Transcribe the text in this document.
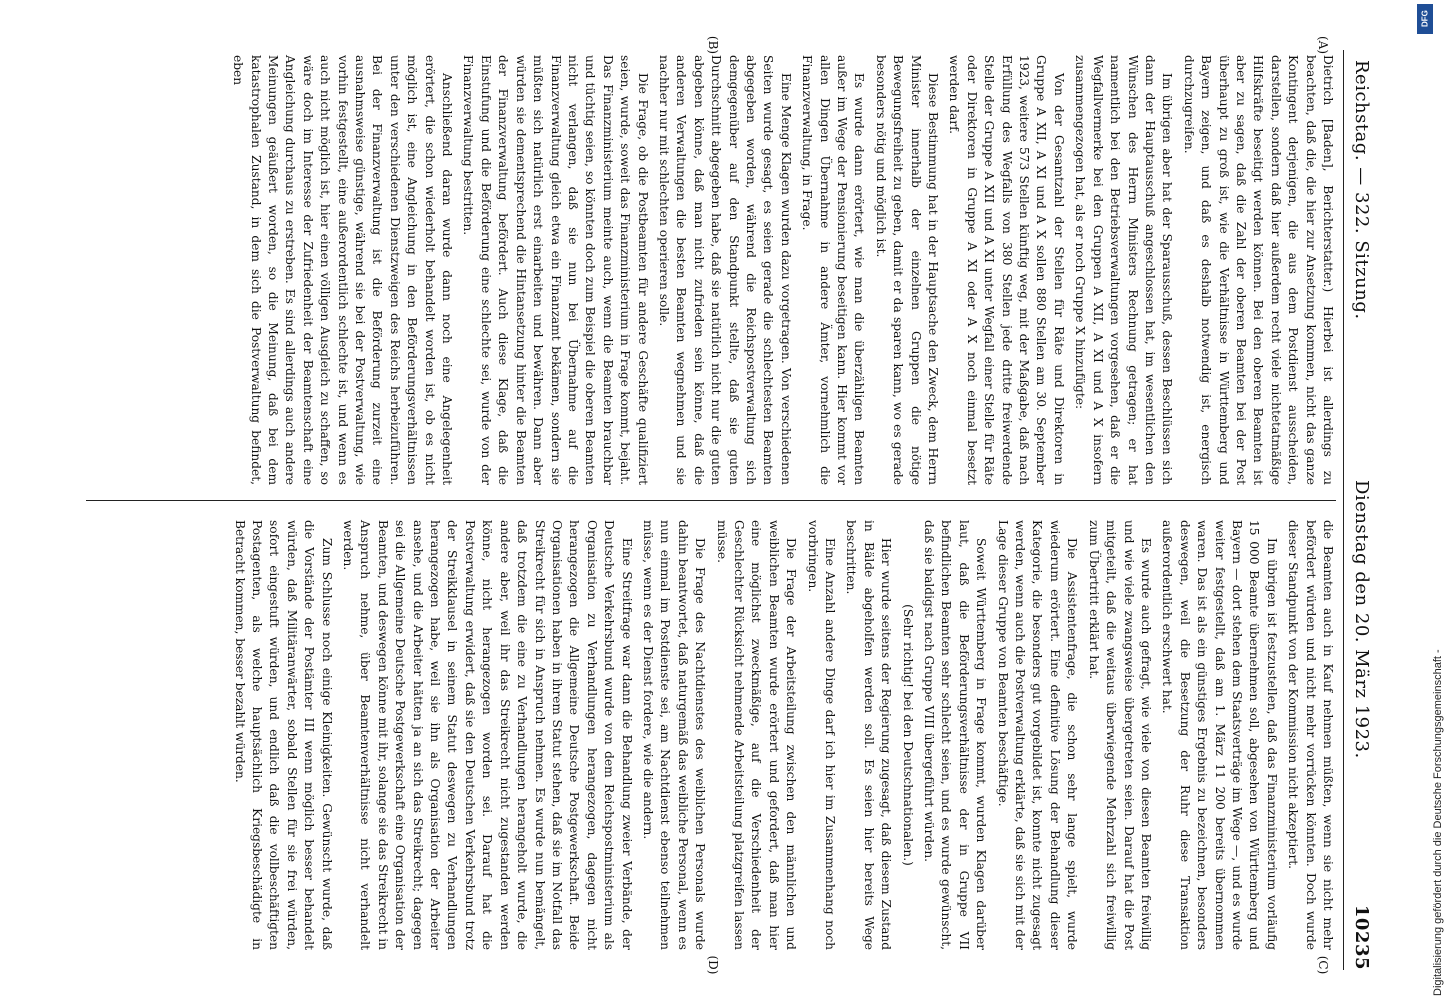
Reichstag. — 322. Sitzung.
Dienstag den 20. März 1923.
10235
(A)
(B)
(C)
(D)

Dietrich [Baden], Berichterstatter.) Hierbei ist allerdings zu beachten, daß die, die hier zur Ansetzung kommen, nicht das ganze Kontingent derjenigen, die aus dem Postdienst ausscheiden, darstellen, sondern daß hier außerdem recht viele nichtetatmäßige Hilfskräfte beseitigt werden können. Bei den oberen Beamten ist aber zu sagen, daß die Zahl der oberen Beamten bei der Post überhaupt zu groß ist, wie die Verhältnisse in Württemberg und Bayern zeigen, und daß es deshalb notwendig ist, energisch durchzugreifen.

Im übrigen aber hat der Sparausschuß, dessen Beschlüssen sich dann der Hauptausschuß angeschlossen hat, im wesentlichen den Wünschen des Herrn Ministers Rechnung getragen; er hat namentlich bei den Betriebsverwaltungen vorgesehen, daß er die Wegfallvermerke bei den Gruppen A XII, A XI und A X insofern zusammengezogen hat, als er noch Gruppe X hinzufügte:

Von der Gesamtzahl der Stellen für Räte und Direktoren in Gruppe A XII, A XI und A X sollen 880 Stellen am 30. September 1923, weitere 573 Stellen künftig weg, mit der Maßgabe, daß nach Erfüllung des Wegfalls von 380 Stellen jede dritte freiwerdende Stelle der Gruppe A XII und A XI unter Wegfall einer Stelle für Räte oder Direktoren in Gruppe A XI oder A X noch einmal besetzt werden darf.

Diese Bestimmung hat in der Hauptsache den Zweck, dem Herrn Minister innerhalb der einzelnen Gruppen die nötige Bewegungsfreiheit zu geben, damit er da sparen kann, wo es gerade besonders nötig und möglich ist.

Es wurde dann erörtert, wie man die überzähligen Beamten außer im Wege der Pensionierung beseitigen kann. Hier kommt vor allen Dingen Übernahme in andere Ämter, vornehmlich die Finanzverwaltung, in Frage.

Eine Menge Klagen wurden dazu vorgetragen. Von verschiedenen Seiten wurde gesagt, es seien gerade die schlechtesten Beamten abgegeben worden, während die Reichspostverwaltung sich demgegenüber auf den Standpunkt stellte, daß sie guten Durchschnitt abgegeben habe, daß sie natürlich nicht nur die guten abgeben könne, daß man nicht zufrieden sein könne, daß die anderen Verwaltungen die besten Beamten wegnehmen und sie nachher nur mit schlechten operieren solle.

Die Frage, ob die Postbeamten für andere Geschäfte qualifiziert seien, wurde, soweit das Finanzministerium in Frage kommt, bejaht. Das Finanzministerium meinte auch, wenn die Beamten brauchbar und tüchtig seien, so könnten doch zum Beispiel die oberen Beamten nicht verlangen, daß sie nun bei Übernahme auf die Finanzverwaltung gleich etwa ein Finanzamt bekämen, sondern sie müßten sich natürlich erst einarbeiten und bewähren. Dann aber würden sie dementsprechend die Hintansetzung hinter die Beamten der Finanzverwaltung befördert. Auch diese Klage, daß die Einstufung und die Beförderung eine schlechte sei, wurde von der Finanzverwaltung bestritten.

Anschließend daran wurde dann noch eine Angelegenheit erörtert, die schon wiederholt behandelt worden ist, ob es nicht möglich ist, eine Angleichung in den Beförderungsverhältnissen unter den verschiedenen Dienstzweigen des Reichs herbeizuführen. Bei der Finanzverwaltung ist die Beförderung zurzeit eine ausnahmsweise günstige, während sie bei der Postverwaltung, wie vorhin festgestellt, eine außerordentlich schlechte ist, und wenn es auch nicht möglich ist, hier einen völligen Ausgleich zu schaffen, so wäre doch im Interesse der Zufriedenheit der Beamtenschaft eine Angleichung durchaus zu erstreben. Es sind allerdings auch andere Meinungen geäußert worden, so die Meinung, daß bei dem katastrophalen Zustand, in dem sich die Postverwaltung befindet, eben

die Beamten auch in Kauf nehmen müßten, wenn sie nicht mehr befördert würden und nicht mehr vorrücken könnten. Doch wurde dieser Standpunkt von der Kommission nicht akzeptiert.

Im übrigen ist festzustellen, daß das Finanzministerium vorläufig 15 000 Beamte übernehmen soll, abgesehen von Württemberg und Bayern — dort stehen dem Staatsverträge im Wege —, und es wurde weiter festgestellt, daß am 1. März 11 200 bereits übernommen waren. Das ist als ein günstiges Ergebnis zu bezeichnen, besonders deswegen, weil die Besetzung der Ruhr diese Transaktion außerordentlich erschwert hat.

Es wurde auch gefragt, wie viele von diesen Beamten freiwillig und wie viele zwangsweise übergetreten seien. Darauf hat die Post mitgeteilt, daß die weitaus überwiegende Mehrzahl sich freiwillig zum Übertritt erklärt hat.

Die Assistentenfrage, die schon sehr lange spielt, wurde wiederum erörtert. Eine definitive Lösung der Behandlung dieser Kategorie, die besonders gut vorgebildet ist, konnte nicht zugesagt werden, wenn auch die Postverwaltung erklärte, daß sie sich mit der Lage dieser Gruppe von Beamten beschäftige.

Soweit Württemberg in Frage kommt, wurden Klagen darüber laut, daß die Beförderungsverhältnisse der in Gruppe VII befindlichen Beamten sehr schlecht seien, und es wurde gewünscht, daß sie baldigst nach Gruppe VIII übergeführt würden.

(Sehr richtig! bei den Deutschnationalen.)

Hier wurde seitens der Regierung zugesagt, daß diesem Zustand in Bälde abgeholfen werden soll. Es seien hier bereits Wege beschritten.

Eine Anzahl andere Dinge darf ich hier im Zusammenhang noch vorbringen.

Die Frage der Arbeitsteilung zwischen den männlichen und weiblichen Beamten wurde erörtert und gefordert, daß man hier eine möglichst zweckmäßige, auf die Verschiedenheit der Geschlechter Rücksicht nehmende Arbeitsteilung platzgreifen lassen müsse.

Die Frage des Nachtdienstes des weiblichen Personals wurde dahin beantwortet, daß naturgemäß das weibliche Personal, wenn es nun einmal im Postdienste sei, am Nachtdienst ebenso teilnehmen müsse, wenn es der Dienst fordere, wie die andern.

Eine Streitfrage war dann die Behandlung zweier Verbände, der Deutsche Verkehrsbund wurde von dem Reichspostministerium als Organisation zu Verhandlungen herangezogen, dagegen nicht herangezogen die Allgemeine Deutsche Postgewerkschaft. Beide Organisationen haben in ihrem Statut stehen, daß sie im Notfall das Streikrecht für sich in Anspruch nehmen. Es wurde nun bemängelt, daß trotzdem die eine zu Verhandlungen herangeholt wurde, die andere aber, weil ihr das Streikrecht nicht zugestanden werden könne, nicht herangezogen worden sei. Darauf hat die Postverwaltung erwidert, daß sie den Deutschen Verkehrsbund trotz der Streikklausel in seinem Statut deswegen zu Verhandlungen herangezogen habe, weil sie ihn als Organisation der Arbeiter ansehe, und die Arbeiter hätten ja an sich das Streikrecht; dagegen sei die Allgemeine Deutsche Postgewerkschaft eine Organisation der Beamten, und deswegen könne mit ihr, solange sie das Streikrecht in Anspruch nehme, über Beamtenverhältnisse nicht verhandelt werden.

Zum Schlusse noch einige Kleinigkeiten. Gewünscht wurde, daß die Vorstände der Postämter III wenn möglich besser behandelt würden, daß Militäranwärter, sobald Stellen für sie frei würden, sofort eingestuft würden, und endlich daß die vollbeschäftigten Postagenten, als welche hauptsächlich Kriegsbeschädigte in Betracht kommen, besser bezahlt würden.

DFG
Digitalisierung gefördert durch die Deutsche Forschungsgemeinschaft -
